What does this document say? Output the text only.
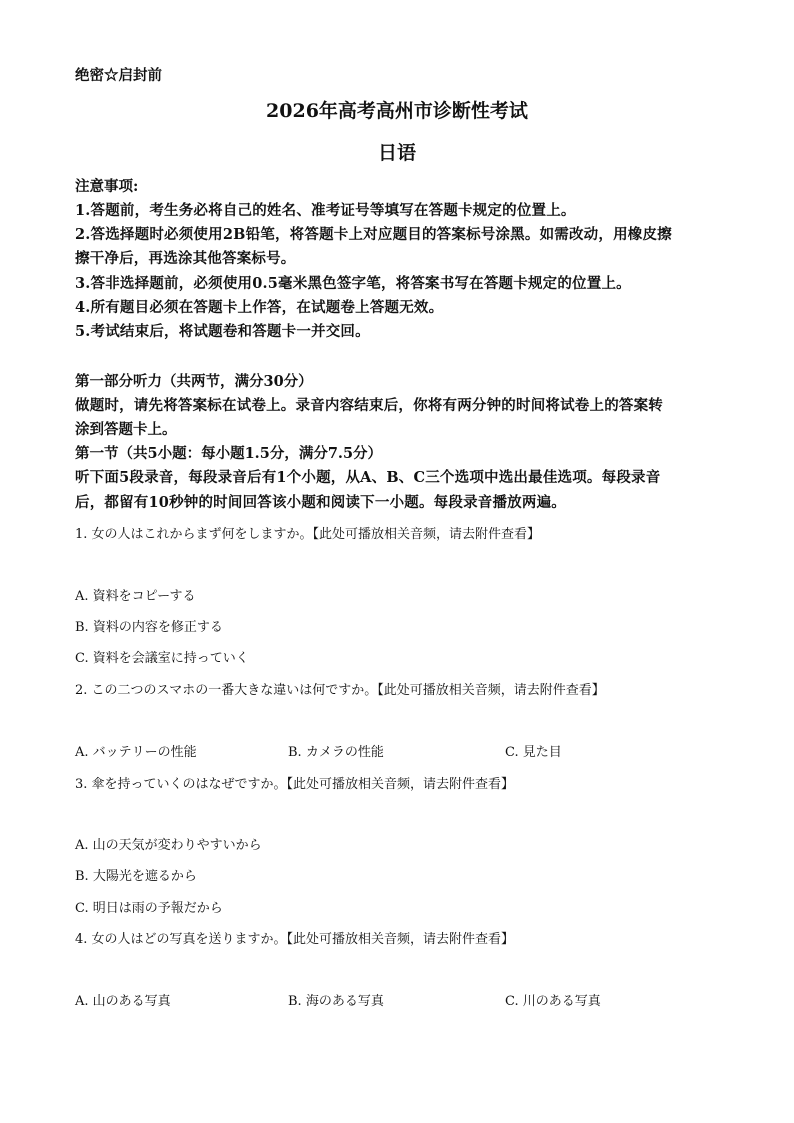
绝密☆启封前
2026年高考高州市诊断性考试
日语
注意事项:
1.答题前，考生务必将自己的姓名、准考证号等填写在答题卡规定的位置上。
2.答选择题时必须使用2B铅笔，将答题卡上对应题目的答案标号涂黑。如需改动，用橡皮擦
擦干净后，再选涂其他答案标号。
3.答非选择题前，必须使用0.5毫米黑色签字笔，将答案书写在答题卡规定的位置上。
4.所有题目必须在答题卡上作答，在试题卷上答题无效。
5.考试结束后，将试题卷和答题卡一并交回。
第一部分听力（共两节，满分30分）
做题时，请先将答案标在试卷上。录音内容结束后，你将有两分钟的时间将试卷上的答案转
涂到答题卡上。
第一节（共5小题：每小题1.5分，满分7.5分）
听下面5段录音，每段录音后有1个小题，从A、B、C三个选项中选出最佳选项。每段录音
后，都留有10秒钟的时间回答该小题和阅读下一小题。每段录音播放两遍。
1. 女の人はこれからまず何をしますか。【此处可播放相关音频，请去附件查看】
A. 資料をコピーする
B. 資料の内容を修正する
C. 資料を会議室に持っていく
2. この二つのスマホの一番大きな違いは何ですか。【此处可播放相关音频，请去附件查看】
A. バッテリーの性能	B. カメラの性能	C. 見た目
3. 傘を持っていくのはなぜですか。【此处可播放相关音频，请去附件查看】
A. 山の天気が変わりやすいから
B. 大陽光を遮るから
C. 明日は雨の予報だから
4. 女の人はどの写真を送りますか。【此处可播放相关音频，请去附件查看】
A. 山のある写真	B. 海のある写真	C. 川のある写真
